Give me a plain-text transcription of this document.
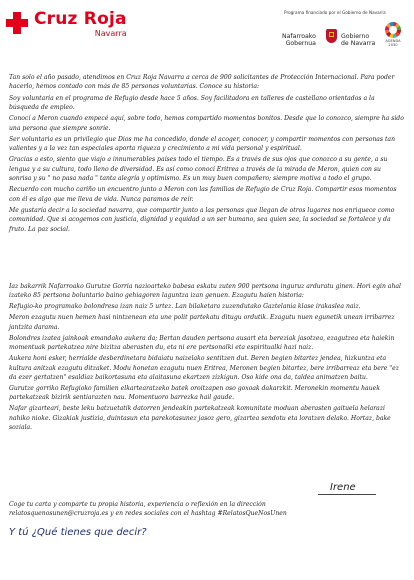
Cruz Roja
Navarra
Programa financiado por el Gobierno de Navarra
Nafarroako
Gobernua
Gobierno
de Navarra	AGENDA
2030

Tan solo el año pasado, atendimos en Cruz Roja Navarra a cerca de 900 solicitantes de Protección Internacional. Para poder hacerlo, hemos contado con más de 85 personas voluntarias. Conoce su historia:

Soy voluntaria en el programa de Refugio desde hace 5 años. Soy facilitadora en talleres de castellano orientados a la búsqueda de empleo.

Conocí a Meron cuando empecé aquí, sobre todo, hemos compartido momentos bonitos. Desde que lo conozco, siempre ha sido una persona que siempre sonríe.

Ser voluntaria es un privilegio que Dios me ha concedido, donde el acoger, conocer, y compartir momentos con personas tan valientes y a la vez tan especiales aporta riqueza y crecimiento a mi vida personal y espiritual.

Gracias a esto, siento que viajo a innumerables países todo el tiempo. Es a través de sus ojos que conozco a su gente, a su lengua y a su cultura, todo lleno de diversidad. Es así como conocí Eritrea a través de la mirada de Meron, quien con su sonrisa y su " no pasa nada " tanta alegría y optimismo. Es un muy buen compañero; siempre motiva a todo el grupo.

Recuerdo con mucho cariño un encuentro junto a Meron con las familias de Refugio de Cruz Roja. Compartir esos momentos con él es algo que me lleva de vida. Nunca paramos de reír.

Me gustaría decir a la sociedad navarra, que compartir junto a las personas que llegan de otros lugares nos enriquece como comunidad. Que si acogemos con justicia, dignidad y equidad a un ser humano, sea quien sea, la sociedad se fortalece y da fruto. La paz social.

Iaz bakarrik Nafarroako Gurutze Gorria nazioarteko babesa eskatu zuten 900 pertsona inguruz arduratu ginen. Hori egin ahal izateko 85 pertsona boluntario baino gehiagoren laguntza izan genuen. Ezagutu haien historia:

Refugio-ko programako bolondresa izan naiz 5 urtez. Lan bilaketara zuzendutako Gaztelania klase irakaslea naiz.

Meron ezagutu nuen hemen hasi nintzenean eta une polit partekatu ditugu ordutik. Ezagutu nuen egunetik unean irribarrez jantzita darama.

Bolondres izatea jainkoak emandako aukera da; Bertan dauden pertsona ausart eta bereziak jasotzea, ezagutzea eta haiekin momentuak partekatzea nire bizitza aberasten du, eta ni ere pertsonalki eta espiritualki hazi naiz.

Aukera honi esker, herrialde desberdinetara bidaiatu naizelako sentitzen dut. Beren begien bitartez jendea, hizkuntza eta kultura anitzak ezagutu ditzaket. Modu honetan ezagutu nuen Eritrea, Meronen begien bitartez, bere irribarreaz eta bere "ez da ezer gertatzen" esaldiaz baikortasuna eta alaitasuna ekartzen zizkigun. Oso kide ona da, taldea animatzen baitu.

Gurutze gorriko Refugioko familien elkartearatzeko batek oroitzapen oso goxoak dakarzkit. Meronekin momentu hauek partekatzeak bizirik sentiarazten nau. Momentuoro barrezka hail gaude.

Nafar gizarteari, beste leku batzuetatik datorren jendeakin partekatzeak komunitate moduan aberasten gaituela helarazi nahiko nioke. Gizakiak justizia, duintasun eta parekotasunez jasoz gero, gizartea sendotu eta loratzen delako. Hortaz, bake soziala.

Irene
Coge tu carta y comparte tu propia historia, experiencia o reflexión en la dirección
relatosquenosunen@cruzroja.es y en redes sociales con el hashtag #RelatosQueNosUnen
Y tú ¿Qué tienes que decir?
